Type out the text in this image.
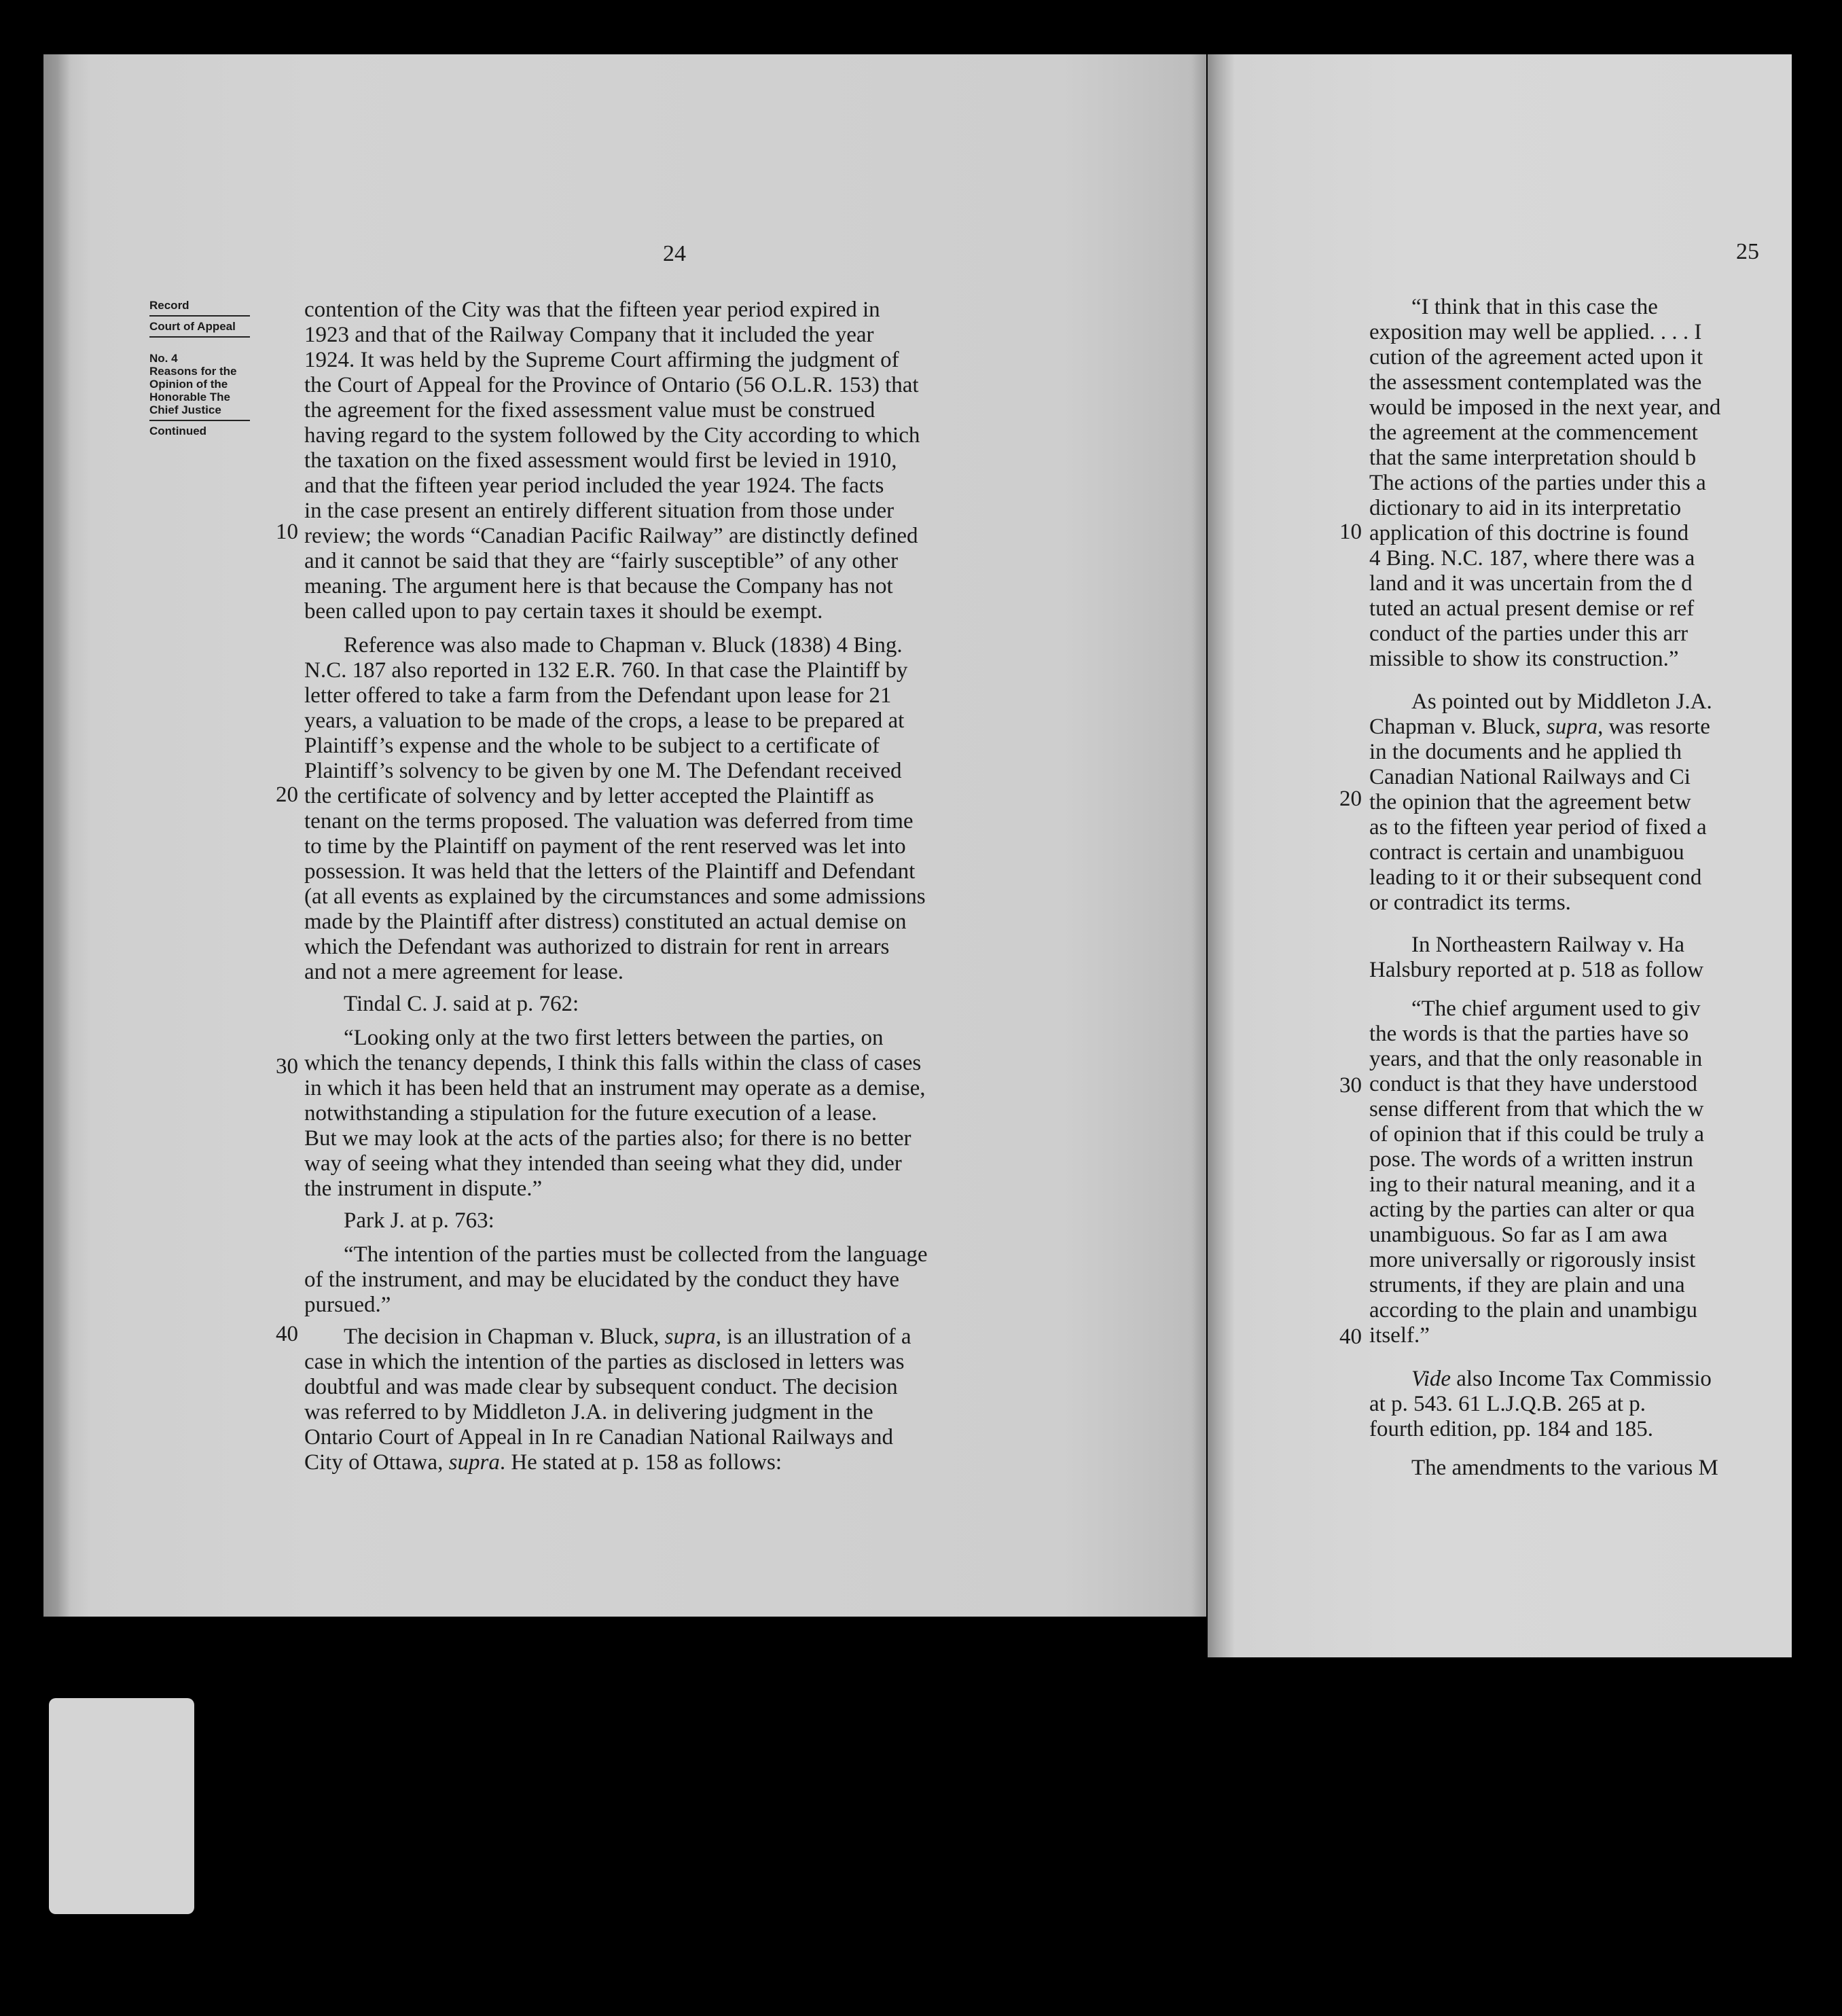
24
Record
Court of Appeal
No. 4
Reasons for the
Opinion of the
Honorable The
Chief Justice
Continued
10
20
30
40
contention of the City was that the fifteen year period expired in
1923 and that of the Railway Company that it included the year
1924. It was held by the Supreme Court affirming the judgment of
the Court of Appeal for the Province of Ontario (56 O.L.R. 153) that
the agreement for the fixed assessment value must be construed
having regard to the system followed by the City according to which
the taxation on the fixed assessment would first be levied in 1910,
and that the fifteen year period included the year 1924. The facts
in the case present an entirely different situation from those under
review; the words “Canadian Pacific Railway” are distinctly defined
and it cannot be said that they are “fairly susceptible” of any other
meaning. The argument here is that because the Company has not
been called upon to pay certain taxes it should be exempt.
Reference was also made to Chapman v. Bluck (1838) 4 Bing.
N.C. 187 also reported in 132 E.R. 760. In that case the Plaintiff by
letter offered to take a farm from the Defendant upon lease for 21
years, a valuation to be made of the crops, a lease to be prepared at
Plaintiff’s expense and the whole to be subject to a certificate of
Plaintiff’s solvency to be given by one M. The Defendant received
the certificate of solvency and by letter accepted the Plaintiff as
tenant on the terms proposed. The valuation was deferred from time
to time by the Plaintiff on payment of the rent reserved was let into
possession. It was held that the letters of the Plaintiff and Defendant
(at all events as explained by the circumstances and some admissions
made by the Plaintiff after distress) constituted an actual demise on
which the Defendant was authorized to distrain for rent in arrears
and not a mere agreement for lease.
Tindal C. J. said at p. 762:
“Looking only at the two first letters between the parties, on
which the tenancy depends, I think this falls within the class of cases
in which it has been held that an instrument may operate as a demise,
notwithstanding a stipulation for the future execution of a lease.
But we may look at the acts of the parties also; for there is no better
way of seeing what they intended than seeing what they did, under
the instrument in dispute.”
Park J. at p. 763:
“The intention of the parties must be collected from the language
of the instrument, and may be elucidated by the conduct they have
pursued.”
The decision in Chapman v. Bluck, supra, is an illustration of a
case in which the intention of the parties as disclosed in letters was
doubtful and was made clear by subsequent conduct. The decision
was referred to by Middleton J.A. in delivering judgment in the
Ontario Court of Appeal in In re Canadian National Railways and
City of Ottawa, supra. He stated at p. 158 as follows:
25
10
20
30
40
“I think that in this case the
exposition may well be applied. . . . I
cution of the agreement acted upon it
the assessment contemplated was the
would be imposed in the next year, and
the agreement at the commencement
that the same interpretation should b
The actions of the parties under this a
dictionary to aid in its interpretatio
application of this doctrine is found
4 Bing. N.C. 187, where there was a
land and it was uncertain from the d
tuted an actual present demise or ref
conduct of the parties under this arr
missible to show its construction.”
As pointed out by Middleton J.A.
Chapman v. Bluck, supra, was resorte
in the documents and he applied th
Canadian National Railways and Ci
the opinion that the agreement betw
as to the fifteen year period of fixed a
contract is certain and unambiguou
leading to it or their subsequent cond
or contradict its terms.
In Northeastern Railway v. Ha
Halsbury reported at p. 518 as follow
“The chief argument used to giv
the words is that the parties have so
years, and that the only reasonable in
conduct is that they have understood
sense different from that which the w
of opinion that if this could be truly a
pose. The words of a written instrun
ing to their natural meaning, and it a
acting by the parties can alter or qua
unambiguous. So far as I am awa
more universally or rigorously insist
struments, if they are plain and una
according to the plain and unambigu
itself.”
Vide also Income Tax Commissio
at p. 543. 61 L.J.Q.B. 265 at p.
fourth edition, pp. 184 and 185.
The amendments to the various M
